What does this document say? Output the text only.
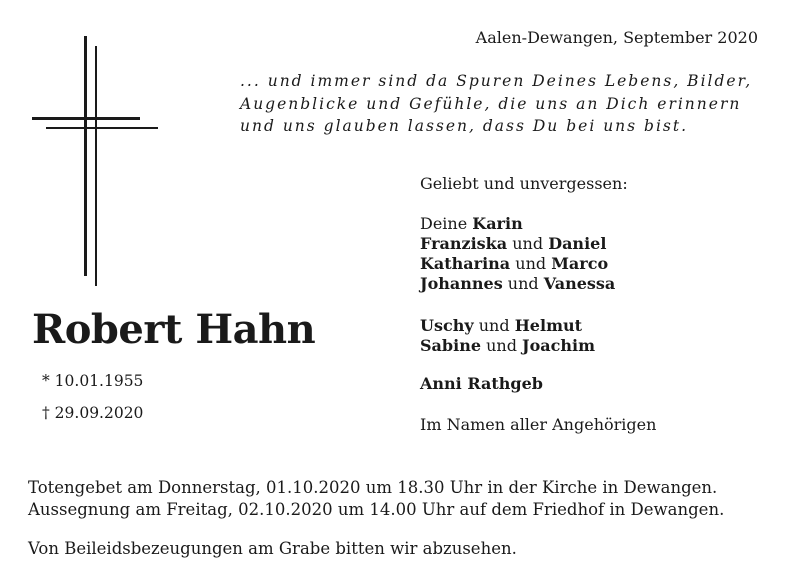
Aalen-Dewangen, September 2020
... und immer sind da Spuren Deines Lebens, Bilder,
Augenblicke und Gefühle, die uns an Dich erinnern
und uns glauben lassen, dass Du bei uns bist.
Robert Hahn
* 10.01.1955
† 29.09.2020
Geliebt und unvergessen:
Deine Karin
Franziska und Daniel
Katharina und Marco
Johannes und Vanessa
Uschy und Helmut
Sabine und Joachim
Anni Rathgeb
Im Namen aller Angehörigen
Totengebet am Donnerstag, 01.10.2020 um 18.30 Uhr in der Kirche in Dewangen.
Aussegnung am Freitag, 02.10.2020 um 14.00 Uhr auf dem Friedhof in Dewangen.
Von Beileidsbezeugungen am Grabe bitten wir abzusehen.
